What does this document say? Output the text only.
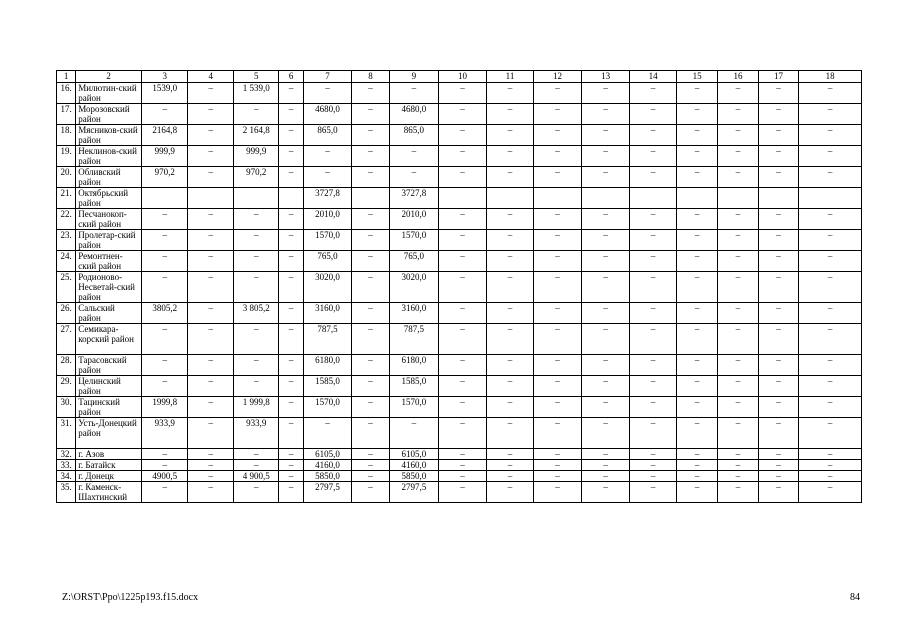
1	2	3	4	5	6	7	8	9	10	11	12	13	14	15	16	17	18
16.	Милютин-ский район	1539,0	–	1 539,0	–	–	–	–	–	–	–	–	–	–	–	–	–
17.	Морозовский район	–	–	–	–	4680,0	–	4680,0	–	–	–	–	–	–	–	–	–
18.	Мясников-ский район	2164,8	–	2 164,8	–	865,0	–	865,0	–	–	–	–	–	–	–	–	–
19.	Неклинов-ский район	999,9	–	999,9	–	–	–	–	–	–	–	–	–	–	–	–	–
20.	Обливский район	970,2	–	970,2	–	–	–	–	–	–	–	–	–	–	–	–	–
21.	Октябрьский район					3727,8		3727,8									
22.	Песчанокоп-ский район	–	–	–	–	2010,0	–	2010,0	–	–	–	–	–	–	–	–	–
23.	Пролетар-ский район	–	–	–	–	1570,0	–	1570,0	–	–	–	–	–	–	–	–	–
24.	Ремонтнен-ский район	–	–	–	–	765,0	–	765,0	–	–	–	–	–	–	–	–	–
25.	Родионово-Несветай-ский район	–	–	–	–	3020,0	–	3020,0	–	–	–	–	–	–	–	–	–
26.	Сальский район	3805,2	–	3 805,2	–	3160,0	–	3160,0	–	–	–	–	–	–	–	–	–
27.	Семикара-корский район	–	–	–	–	787,5	–	787,5	–	–	–	–	–	–	–	–	–
28.	Тарасовский район	–	–	–	–	6180,0	–	6180,0	–	–	–	–	–	–	–	–	–
29.	Целинский район	–	–	–	–	1585,0	–	1585,0	–	–	–	–	–	–	–	–	–
30.	Тацинский район	1999,8	–	1 999,8	–	1570,0	–	1570,0	–	–	–	–	–	–	–	–	–
31.	Усть-Донецкий район	933,9	–	933,9	–	–	–	–	–	–	–	–	–	–	–	–	–
32.	г. Азов	–	–	–	–	6105,0	–	6105,0	–	–	–	–	–	–	–	–	–
33.	г. Батайск	–	–	–	–	4160,0	–	4160,0	–	–	–	–	–	–	–	–	–
34.	г. Донецк	4900,5	–	4 900,5	–	5850,0	–	5850,0	–	–	–	–	–	–	–	–	–
35.	г. Каменск-Шахтинский	–	–	–	–	2797,5	–	2797,5	–	–	–	–	–	–	–	–	–
Z:\ORST\Ppo\1225p193.f15.docx	84
